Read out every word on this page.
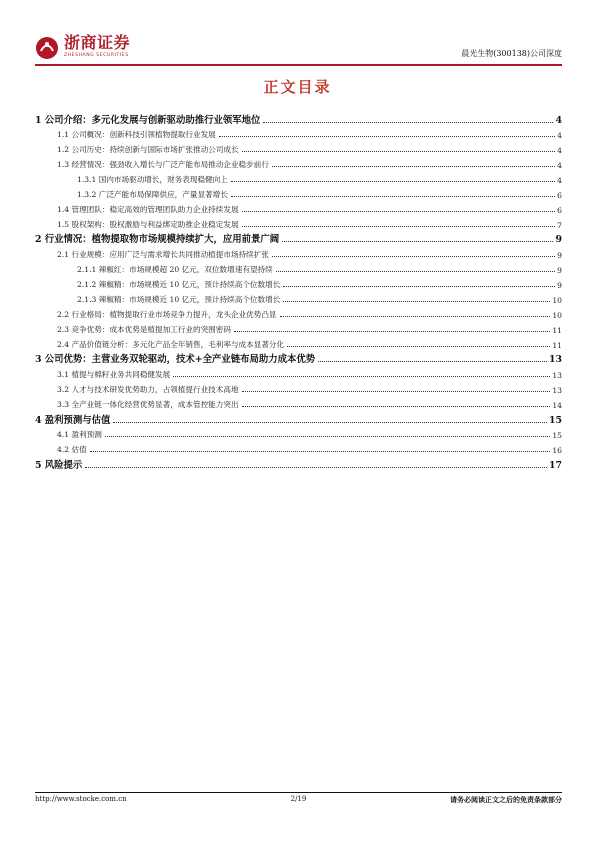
浙商证券
ZHESHANG SECURITIES	晨光生物(300138)公司深度
正文目录
1 公司介绍：多元化发展与创新驱动助推行业领军地位	4
1.1 公司概况：创新科技引领植物提取行业发展	4
1.2 公司历史：持续创新与国际市场扩张推动公司成长	4
1.3 经营情况：强劲收入增长与广泛产能布局推动企业稳步前行	4
1.3.1 国内市场驱动增长，财务表现稳健向上	4
1.3.2 广泛产能布局保障供应，产量显著增长	6
1.4 管理团队：稳定高效的管理团队助力企业持续发展	6
1.5 股权架构：股权激励与利益绑定助推企业稳定发展	7
2 行业情况：植物提取物市场规模持续扩大，应用前景广阔	9
2.1 行业规模：应用广泛与需求增长共同推动植提市场持续扩张	9
2.1.1 辣椒红：市场规模超 20 亿元，双位数增速有望持续	9
2.1.2 辣椒精：市场规模近 10 亿元，预计持续高个位数增长	9
2.1.3 辣椒精：市场规模近 10 亿元，预计持续高个位数增长	10
2.2 行业格局：植物提取行业市场竞争力提升，龙头企业优势凸显	10
2.3 竞争优势：成本优势是植提加工行业的突围密码	11
2.4 产品价值链分析：多元化产品全年销售，毛利率与成本显著分化	11
3 公司优势：主营业务双轮驱动，技术+全产业链布局助力成本优势	13
3.1 植提与棉籽业务共同稳健发展	13
3.2 人才与技术研发优势助力，占领植提行业技术高地	13
3.3 全产业链一体化经营优势显著，成本管控能力突出	14
4 盈利预测与估值	15
4.1 盈利预测	15
4.2 估值	16
5 风险提示	17
http://www.stocke.com.cn	2/19	请务必阅读正文之后的免责条款部分
